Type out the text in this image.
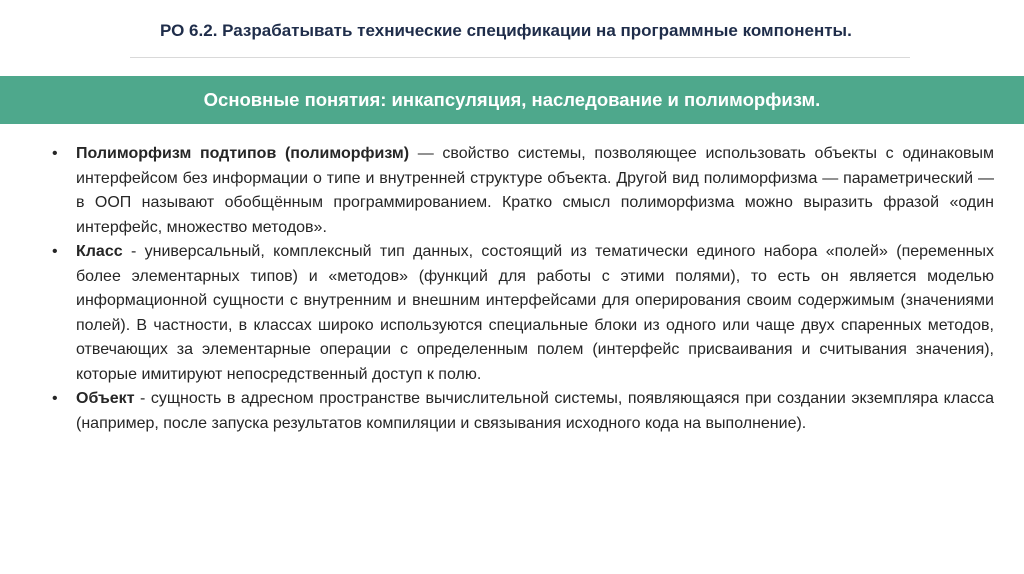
РО 6.2. Разрабатывать технические спецификации на программные компоненты.
Основные понятия: инкапсуляция, наследование и полиморфизм.
• Полиморфизм подтипов (полиморфизм) — свойство системы, позволяющее использовать объекты с одинаковым интерфейсом без информации о типе и внутренней структуре объекта. Другой вид полиморфизма — параметрический — в ООП называют обобщённым программированием. Кратко смысл полиморфизма можно выразить фразой «один интерфейс, множество методов».
• Класс - универсальный, комплексный тип данных, состоящий из тематически единого набора «полей» (переменных более элементарных типов) и «методов» (функций для работы с этими полями), то есть он является моделью информационной сущности с внутренним и внешним интерфейсами для оперирования своим содержимым (значениями полей). В частности, в классах широко используются специальные блоки из одного или чаще двух спаренных методов, отвечающих за элементарные операции с определенным полем (интерфейс присваивания и считывания значения), которые имитируют непосредственный доступ к полю.
• Объект - сущность в адресном пространстве вычислительной системы, появляющаяся при создании экземпляра класса (например, после запуска результатов компиляции и связывания исходного кода на выполнение).
